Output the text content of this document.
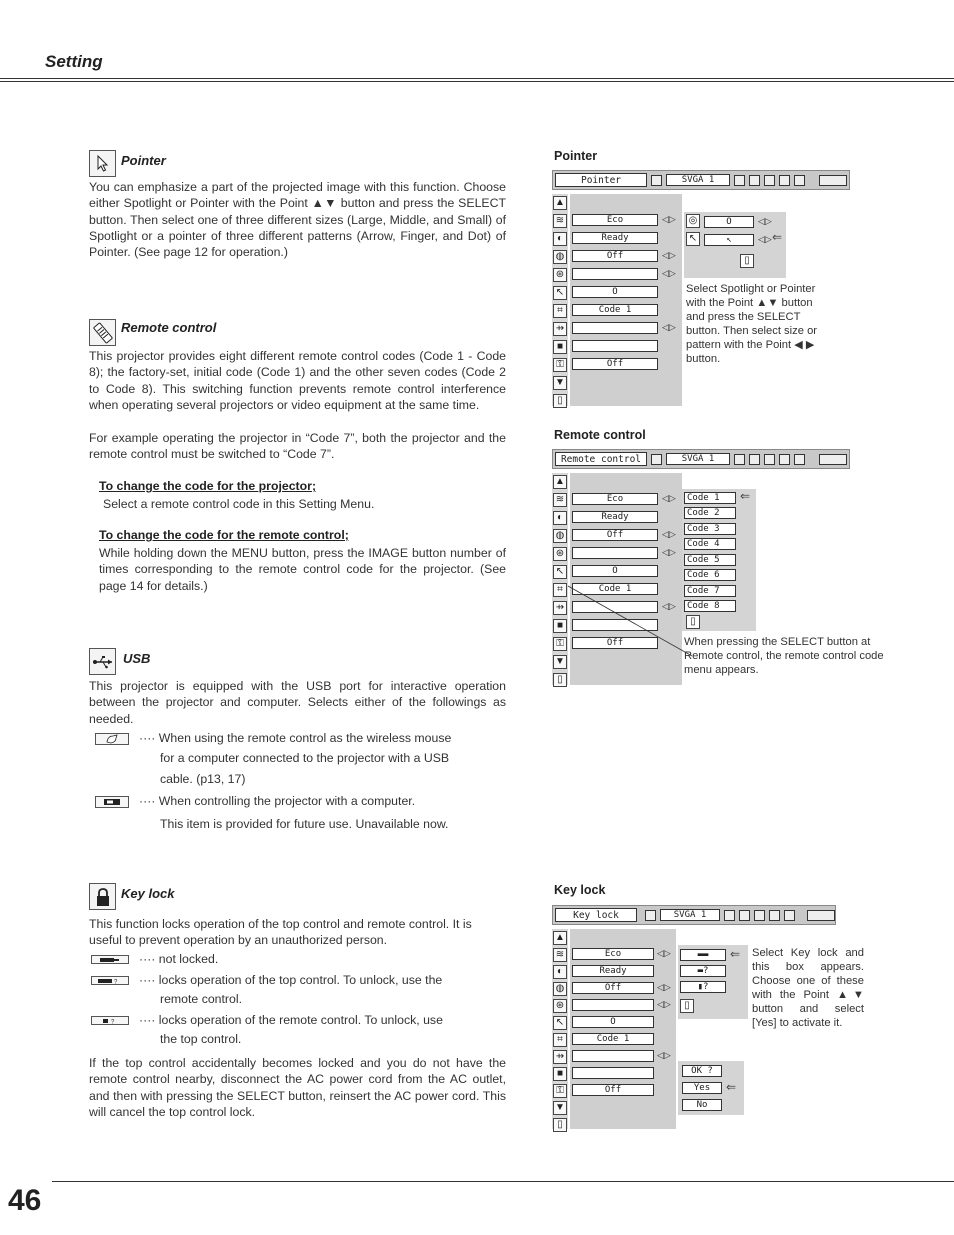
Setting
Pointer
You can emphasize a part of the projected image with this function. Choose either Spotlight or Pointer with the Point ▲▼ button and press the SELECT button. Then select one of three different sizes (Large, Middle, and Small) of Spotlight or a pointer of three different patterns (Arrow, Finger, and Dot) of Pointer. (See page 12 for operation.)
Remote control
This projector provides eight different remote control codes (Code 1 - Code 8); the factory-set, initial code (Code 1) and the other seven codes (Code 2 to Code 8). This switching function prevents remote control interference when operating several projectors or video equipment at the same time.
For example operating the projector in “Code 7”, both the projector and the remote control must be switched to “Code 7”.
To change the code for the projector;
Select a remote control code in this Setting Menu.
To change the code for the remote control;
While holding down the MENU button, press the IMAGE button number of times corresponding to the remote control code for the projector. (See page 14 for details.)
USB
This projector is equipped with the USB port for interactive operation between the projector and computer. Selects either of the followings as needed.
···· When using the remote control as the wireless mouse
for a computer connected to the projector with a USB
cable. (p13, 17)
···· When controlling the projector with a computer.
This item is provided for future use. Unavailable now.
Key lock
This function locks operation of the top control and remote control. It is useful to prevent operation by an unauthorized person.
···· not locked.
? ···· locks operation of the top control. To unlock, use the
remote control.
? ···· locks operation of the remote control. To unlock, use
the top control.
If the top control accidentally becomes locked and you do not have the remote control nearby, disconnect the AC power cord from the AC outlet, and then with pressing the SELECT button, reinsert the AC power cord. This will cancel the top control lock.
Pointer
Pointer	SVGA 1
▲
≋
◐
◍
⊛
↖
⌗
⇸
■
⚿
▼
▯
Eco	◁▷
Ready
Off	◁▷
◁▷
O
Code 1
◁▷
Off
◎	O	◁▷
↖	↖	◁▷ ⇐
▯
Select Spotlight or Pointer with the Point ▲▼ button and press the SELECT button. Then select size or pattern with the Point ◀ ▶ button.
Remote control
Remote control	SVGA 1
▲
≋
◐
◍
⊛
↖
⌗
⇸
■
⚿
▼
▯
Eco	◁▷
Ready
Off	◁▷
◁▷
O
Code 1
◁▷
Off
Code 1
Code 2
Code 3
Code 4
Code 5
Code 6
Code 7
Code 8
▯
⇐
When pressing the SELECT button at Remote control, the remote control code menu appears.
Key lock
Key lock	SVGA 1
▲
≋
◐
◍
⊛
↖
⌗
⇸
■
⚿
▼
▯
Eco	◁▷
Ready
Off	◁▷
◁▷
O
Code 1
◁▷
Off
▬▬
▬?
▮?
▯
⇐
OK ?
Yes
No
⇐
Select Key lock and this box appears. Choose one of these with the Point ▲▼ button and select [Yes] to activate it.
46
